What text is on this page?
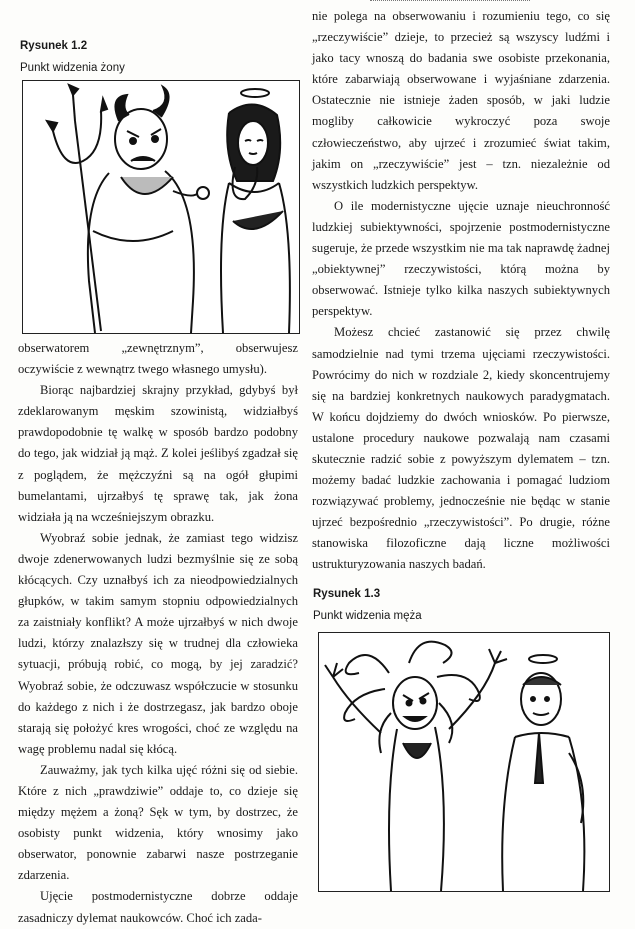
Rysunek 1.2
Punkt widzenia żony

obserwatorem „zewnętrznym”, obserwujesz oczywiście z wewnątrz twego własnego umysłu).

Biorąc najbardziej skrajny przykład, gdybyś był zdeklarowanym męskim szowinistą, widziałbyś prawdopodobnie tę walkę w sposób bardzo podobny do tego, jak widział ją mąż. Z kolei jeślibyś zgadzał się z poglądem, że mężczyźni są na ogół głupimi bumelantami, ujrzałbyś tę sprawę tak, jak żona widziała ją na wcześniejszym obrazku.

Wyobraź sobie jednak, że zamiast tego widzisz dwoje zdenerwowanych ludzi bezmyślnie się ze sobą kłócących. Czy uznałbyś ich za nieodpowiedzialnych głupków, w takim samym stopniu odpowiedzialnych za zaistniały konflikt? A może ujrzałbyś w nich dwoje ludzi, którzy znalazłszy się w trudnej dla człowieka sytuacji, próbują robić, co mogą, by jej zaradzić? Wyobraź sobie, że odczuwasz współczucie w stosunku do każdego z nich i że dostrzegasz, jak bardzo oboje starają się położyć kres wrogości, choć ze względu na wagę problemu nadal się kłócą.

Zauważmy, jak tych kilka ujęć różni się od siebie. Które z nich „prawdziwie” oddaje to, co dzieje się między mężem a żoną? Sęk w tym, by dostrzec, że osobisty punkt widzenia, który wnosimy jako obserwator, ponownie zabarwi nasze postrzeganie zdarzenia.

Ujęcie postmodernistyczne dobrze oddaje zasadniczy dylemat naukowców. Choć ich zada-

nie polega na obserwowaniu i rozumieniu tego, co się „rzeczywiście” dzieje, to przecież są wszyscy ludźmi i jako tacy wnoszą do badania swe osobiste przekonania, które zabarwiają obserwowane i wyjaśniane zdarzenia. Ostatecznie nie istnieje żaden sposób, w jaki ludzie mogliby całkowicie wykroczyć poza swoje człowieczeństwo, aby ujrzeć i zrozumieć świat takim, jakim on „rzeczywiście” jest – tzn. niezależnie od wszystkich ludzkich perspektyw.

O ile modernistyczne ujęcie uznaje nieuchronność ludzkiej subiektywności, spojrzenie postmodernistyczne sugeruje, że przede wszystkim nie ma tak naprawdę żadnej „obiektywnej” rzeczywistości, którą można by obserwować. Istnieje tylko kilka naszych subiektywnych perspektyw.

Możesz chcieć zastanowić się przez chwilę samodzielnie nad tymi trzema ujęciami rzeczywistości. Powrócimy do nich w rozdziale 2, kiedy skoncentrujemy się na bardziej konkretnych naukowych paradygmatach. W końcu dojdziemy do dwóch wniosków. Po pierwsze, ustalone procedury naukowe pozwalają nam czasami skutecznie radzić sobie z powyższym dylematem – tzn. możemy badać ludzkie zachowania i pomagać ludziom rozwiązywać problemy, jednocześnie nie będąc w stanie ujrzeć bezpośrednio „rzeczywistości”. Po drugie, różne stanowiska filozoficzne dają liczne możliwości ustrukturyzowania naszych badań.

Rysunek 1.3
Punkt widzenia męża
